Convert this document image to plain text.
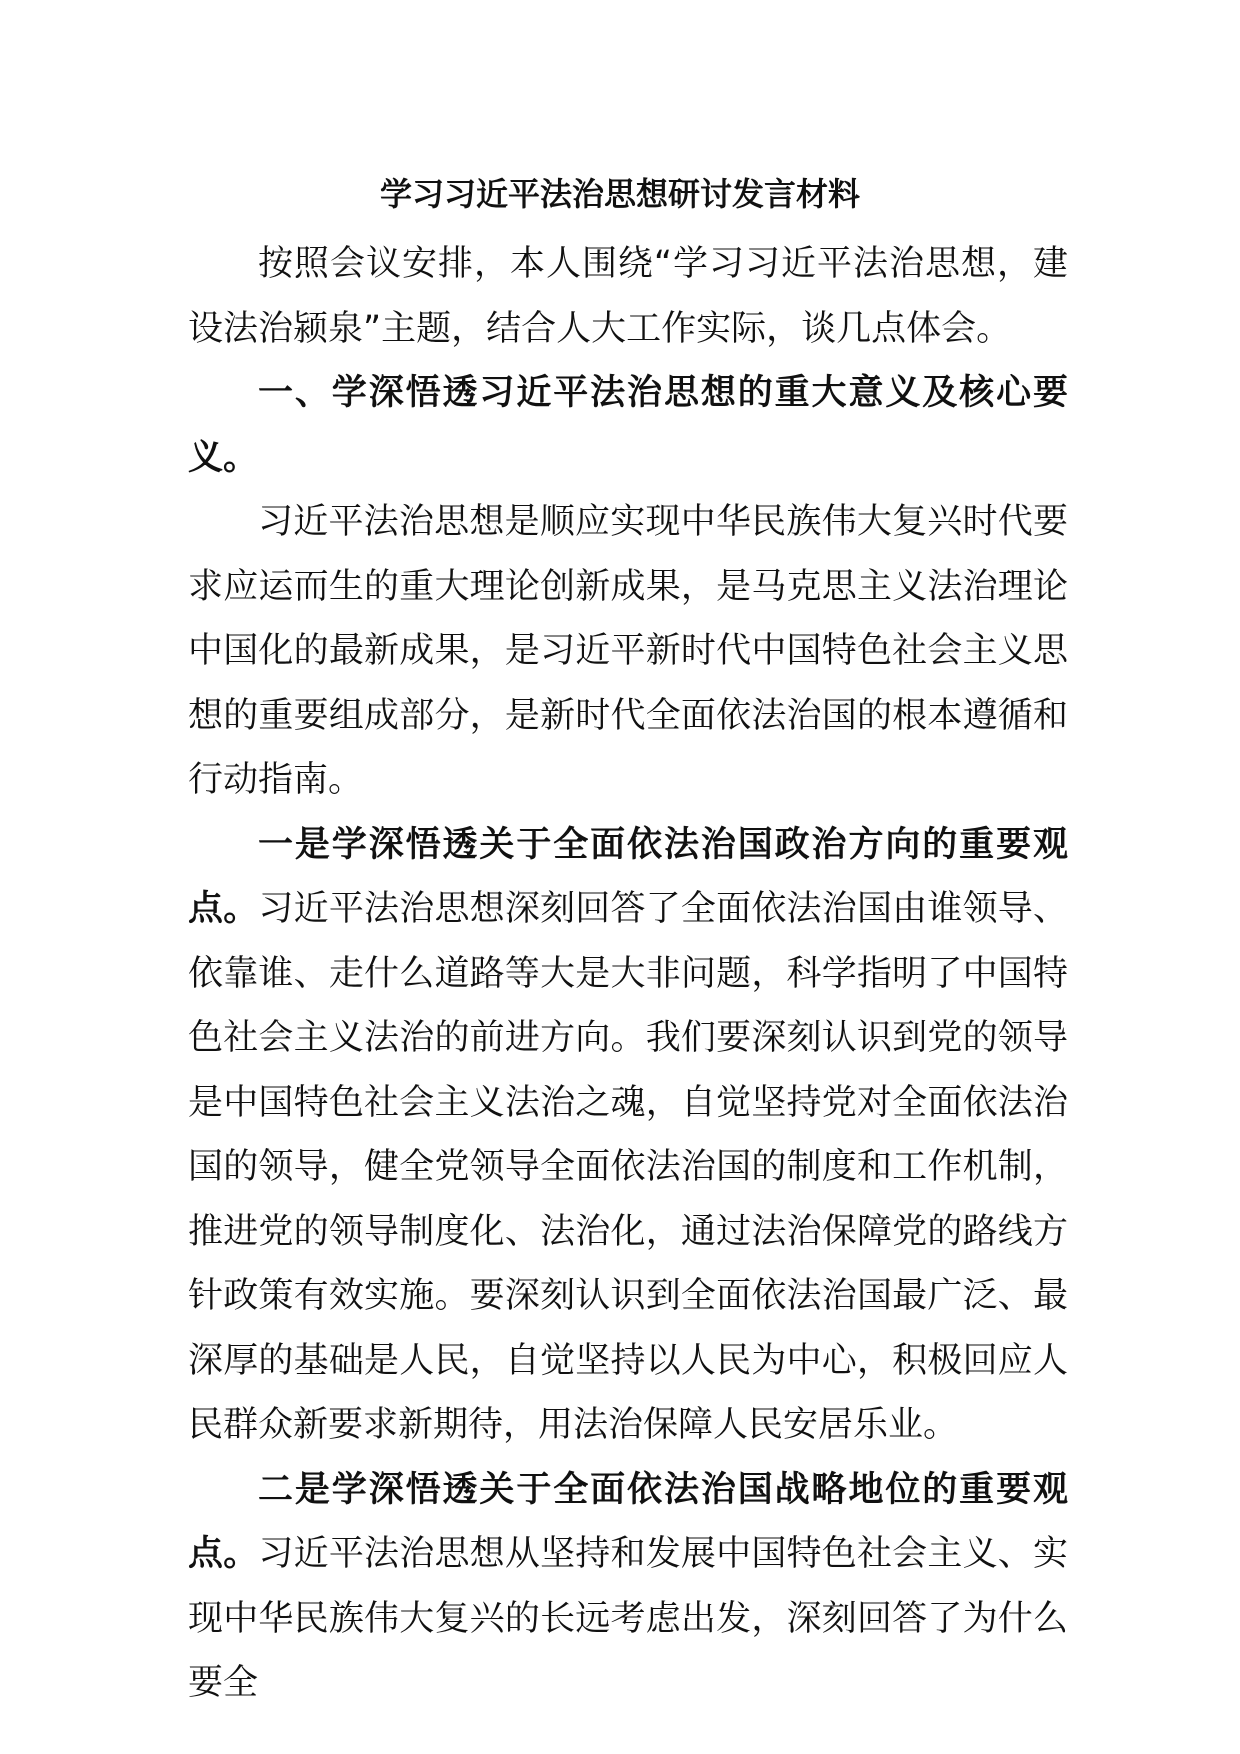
学习习近平法治思想研讨发言材料

按照会议安排，本人围绕“学习习近平法治思想，建设法治颍泉”主题，结合人大工作实际，谈几点体会。

一、学深悟透习近平法治思想的重大意义及核心要义。

习近平法治思想是顺应实现中华民族伟大复兴时代要求应运而生的重大理论创新成果，是马克思主义法治理论中国化的最新成果，是习近平新时代中国特色社会主义思想的重要组成部分，是新时代全面依法治国的根本遵循和行动指南。

一是学深悟透关于全面依法治国政治方向的重要观点。习近平法治思想深刻回答了全面依法治国由谁领导、依靠谁、走什么道路等大是大非问题，科学指明了中国特色社会主义法治的前进方向。我们要深刻认识到党的领导是中国特色社会主义法治之魂，自觉坚持党对全面依法治国的领导，健全党领导全面依法治国的制度和工作机制，推进党的领导制度化、法治化，通过法治保障党的路线方针政策有效实施。要深刻认识到全面依法治国最广泛、最深厚的基础是人民，自觉坚持以人民为中心，积极回应人民群众新要求新期待，用法治保障人民安居乐业。

二是学深悟透关于全面依法治国战略地位的重要观点。习近平法治思想从坚持和发展中国特色社会主义、实现中华民族伟大复兴的长远考虑出发，深刻回答了为什么要全
